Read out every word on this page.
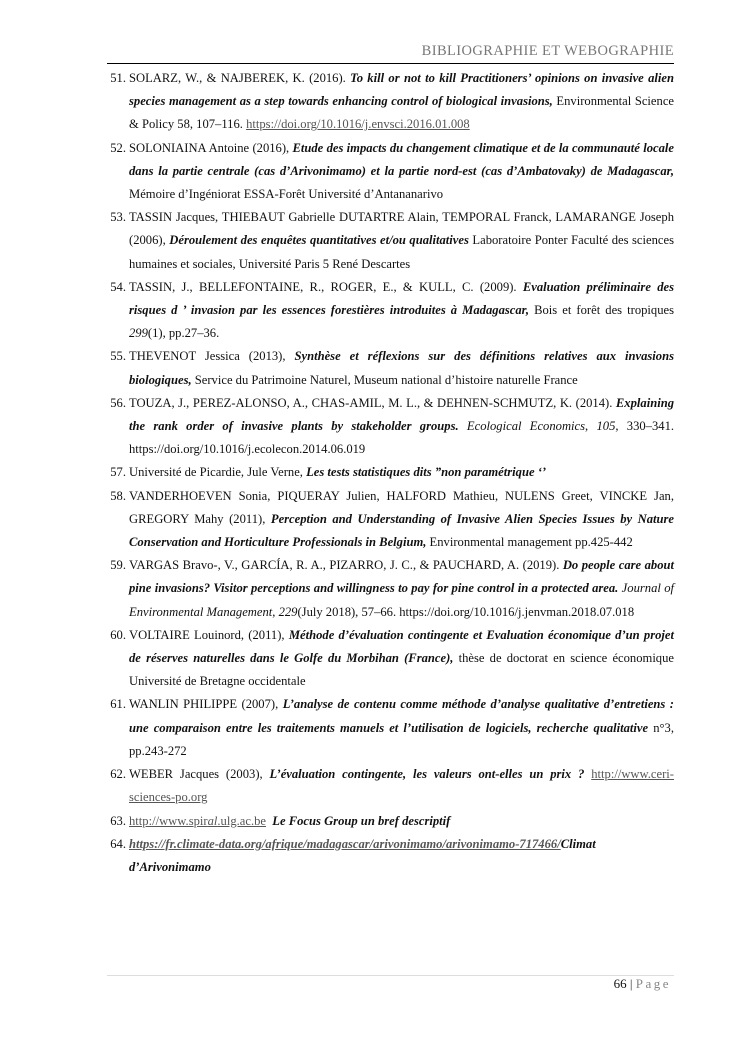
BIBLIOGRAPHIE ET WEBOGRAPHIE
51. SOLARZ, W., & NAJBEREK, K. (2016). To kill or not to kill Practitioners’ opinions on invasive alien species management as a step towards enhancing control of biological invasions, Environmental Science & Policy 58, 107–116. https://doi.org/10.1016/j.envsci.2016.01.008
52. SOLONIAINA Antoine (2016), Etude des impacts du changement climatique et de la communauté locale dans la partie centrale (cas d’Arivonimamo) et la partie nord-est (cas d’Ambatovaky) de Madagascar, Mémoire d’Ingéniorat ESSA-Forêt Université d’Antananarivo
53. TASSIN Jacques, THIEBAUT Gabrielle DUTARTRE Alain, TEMPORAL Franck, LAMARANGE Joseph (2006), Déroulement des enquêtes quantitatives et/ou qualitatives Laboratoire Ponter Faculté des sciences humaines et sociales, Université Paris 5 René Descartes
54. TASSIN, J., BELLEFONTAINE, R., ROGER, E., & KULL, C. (2009). Evaluation préliminaire des risques d ’ invasion par les essences forestières introduites à Madagascar, Bois et forêt des tropiques 299(1), pp.27–36.
55. THEVENOT Jessica (2013), Synthèse et réflexions sur des définitions relatives aux invasions biologiques, Service du Patrimoine Naturel, Museum national d’histoire naturelle France
56. TOUZA, J., PEREZ-ALONSO, A., CHAS-AMIL, M. L., & DEHNEN-SCHMUTZ, K. (2014). Explaining the rank order of invasive plants by stakeholder groups. Ecological Economics, 105, 330–341. https://doi.org/10.1016/j.ecolecon.2014.06.019
57. Université de Picardie, Jule Verne, Les tests statistiques dits ”non paramétrique ‘’
58. VANDERHOEVEN Sonia, PIQUERAY Julien, HALFORD Mathieu, NULENS Greet, VINCKE Jan, GREGORY Mahy (2011), Perception and Understanding of Invasive Alien Species Issues by Nature Conservation and Horticulture Professionals in Belgium, Environmental management pp.425-442
59. VARGAS Bravo-, V., GARCÍA, R. A., PIZARRO, J. C., & PAUCHARD, A. (2019). Do people care about pine invasions? Visitor perceptions and willingness to pay for pine control in a protected area. Journal of Environmental Management, 229(July 2018), 57–66. https://doi.org/10.1016/j.jenvman.2018.07.018
60. VOLTAIRE Louinord, (2011), Méthode d’évaluation contingente et Evaluation économique d’un projet de réserves naturelles dans le Golfe du Morbihan (France), thèse de doctorat en science économique Université de Bretagne occidentale
61. WANLIN PHILIPPE (2007), L’analyse de contenu comme méthode d’analyse qualitative d’entretiens : une comparaison entre les traitements manuels et l’utilisation de logiciels, recherche qualitative n°3, pp.243-272
62. WEBER Jacques (2003), L’évaluation contingente, les valeurs ont-elles un prix ? http://www.ceri-sciences-po.org
63. http://www.spiral.ulg.ac.be Le Focus Group un bref descriptif
64. https://fr.climate-data.org/afrique/madagascar/arivonimamo/arivonimamo-717466/Climat d’Arivonimamo
66 | Page
